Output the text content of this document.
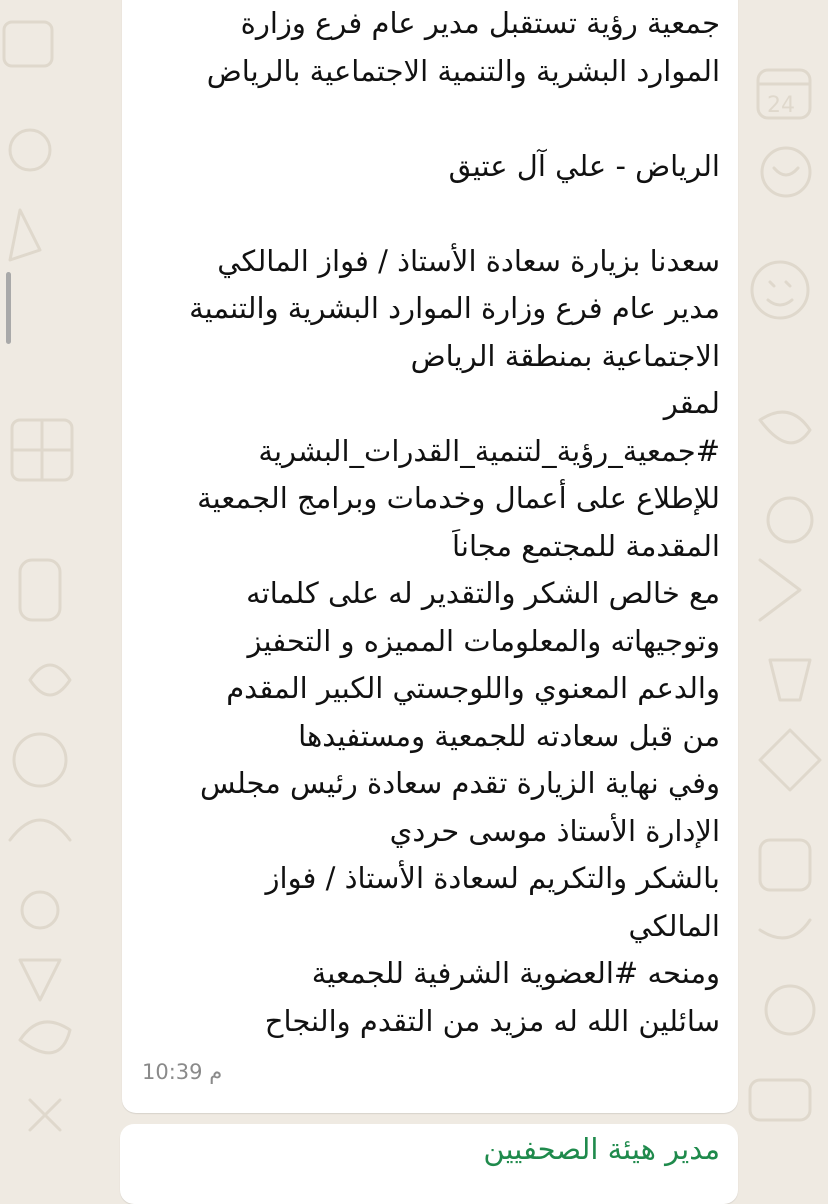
24
جمعية رؤية تستقبل مدير عام فرع وزارة
الموارد البشرية والتنمية الاجتماعية بالرياض
الرياض - علي آل عتيق
سعدنا بزيارة سعادة الأستاذ / فواز المالكي
مدير عام فرع وزارة الموارد البشرية والتنمية
الاجتماعية بمنطقة الرياض
لمقر
#جمعية_رؤية_لتنمية_القدرات_البشرية
للإطلاع على أعمال وخدمات وبرامج الجمعية
المقدمة للمجتمع مجاناَ
مع خالص الشكر والتقدير له على كلماته
وتوجيهاته والمعلومات المميزه و التحفيز
والدعم المعنوي واللوجستي الكبير المقدم
من قبل سعادته للجمعية ومستفيدها
وفي نهاية الزيارة تقدم سعادة رئيس مجلس
الإدارة الأستاذ موسى حردي
بالشكر والتكريم لسعادة الأستاذ / فواز
المالكي
ومنحه #العضوية الشرفية للجمعية
سائلين الله له مزيد من التقدم والنجاح
10:39 م
مدير هيئة الصحفيين
